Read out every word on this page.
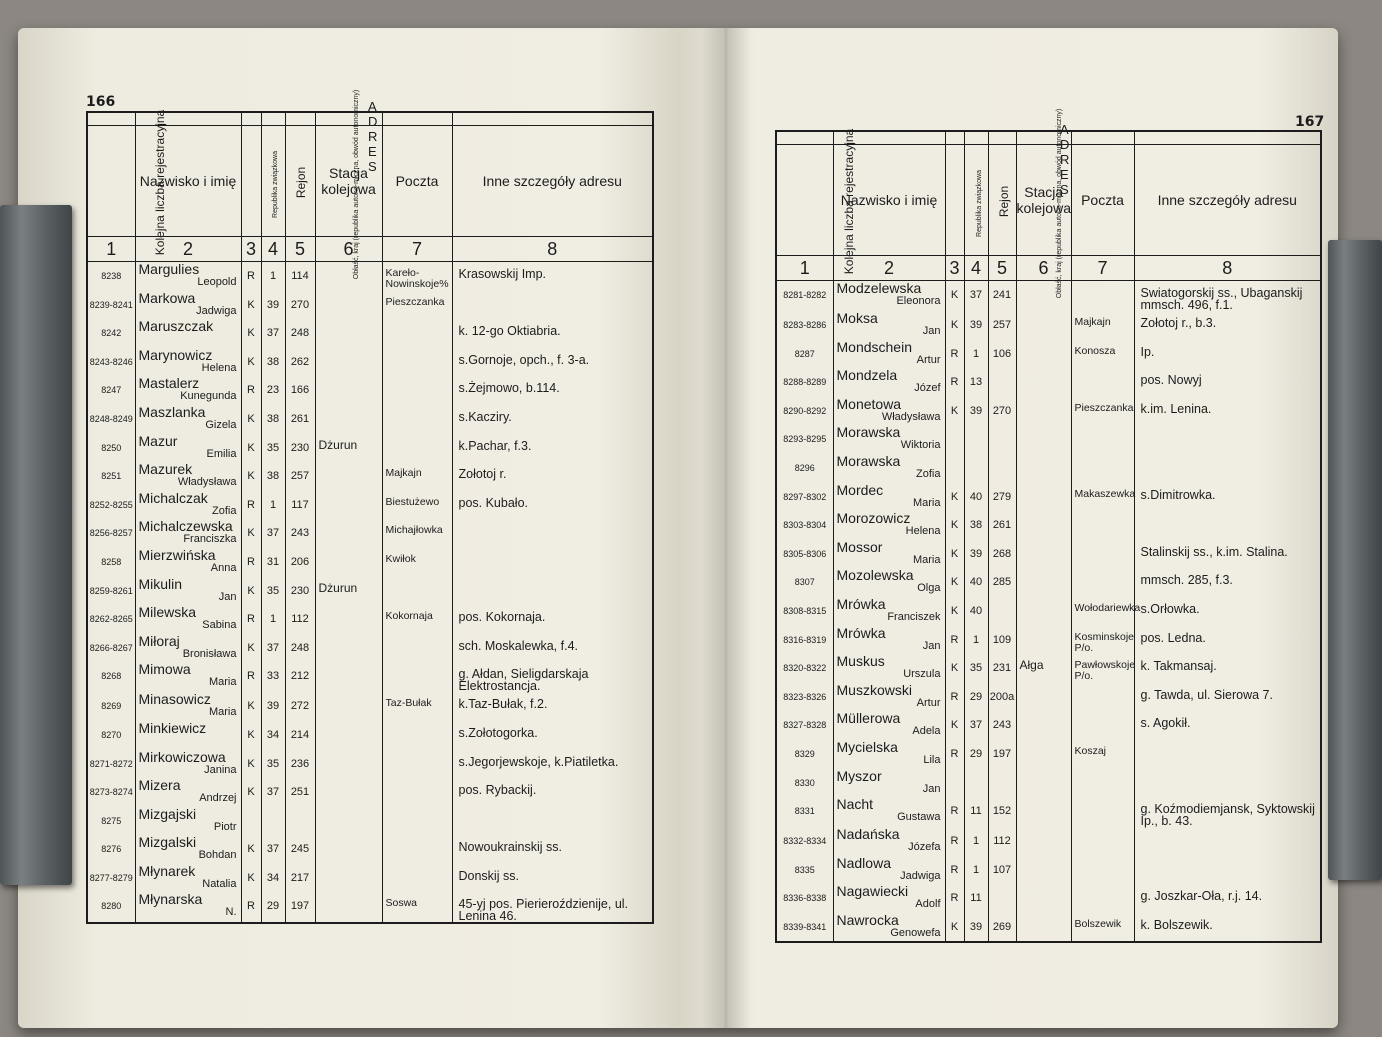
166	A D R E S

Kolejna liczba rejestracyjna	Nazwisko i imię	Republika związkowa	Obłaść, kraj (republika autono-miczna, obwód autonomiczny)	Rejon	Stacja kolejowa	Poczta	Inne szczegóły adresu
1	2	3	4	5	6	7	8

8238	Margulies
Leopold	R	1	114		Kareło-Nowinskoje%	Krasowskij Imp.

8239-8241	Markowa
Jadwiga	K	39	270		Pieszczanka	

8242	Maruszczak	K	37	248			k. 12-go Oktiabria.

8243-8246	Marynowicz
Helena	K	38	262			s.Gornoje, opch., f. 3-a.

8247	Mastalerz
Kunegunda	R	23	166			s.Żejmowo, b.114.

8248-8249	Maszlanka
Gizela	K	38	261			s.Kacziry.

8250	Mazur
Emilia	K	35	230	Dżurun		k.Pachar, f.3.

8251	Mazurek
Władysława	K	38	257		Majkajn	Zołotoj r.

8252-8255	Michalczak
Zofia	R	1	117		Biestużewo	pos. Kubało.

8256-8257	Michalczewska
Franciszka	K	37	243		Michajłowka	

8258	Mierzwińska
Anna	R	31	206		Kwiłok	

8259-8261	Mikulin
Jan	K	35	230	Dżurun		

8262-8265	Milewska
Sabina	R	1	112		Kokornaja	pos. Kokornaja.

8266-8267	Miłoraj
Bronisława	K	37	248			sch. Moskalewka, f.4.

8268	Mimowa
Maria	R	33	212			g. Ałdan, Sieligdarskaja Elektrostancja.

8269	Minasowicz
Maria	K	39	272		Taz-Bułak	k.Taz-Bułak, f.2.

8270	Minkiewicz	K	34	214			s.Zołotogorka.

8271-8272	Mirkowiczowa
Janina	K	35	236			s.Jegorjewskoje, k.Piatiletka.

8273-8274	Mizera
Andrzej	K	37	251			pos. Rybackij.

8275	Mizgajski
Piotr						

8276	Mizgalski
Bohdan	K	37	245			Nowoukrainskij ss.

8277-8279	Młynarek
Natalia	K	34	217			Donskij ss.

8280	Młynarska
N.	R	29	197		Soswa	45-yj pos. Pierieroździenije, ul. Lenina 46.
167
A D R E S

Kolejna liczba rejestracyjna	Nazwisko i imię	Republika związkowa	Obłaść, kraj (republika autono-miczna, obwód autonomiczny)	Rejon	Stacja kolejowa	Poczta	Inne szczegóły adresu
1	2	3	4	5	6	7	8

8281-8282	Modzelewska
Eleonora	K	37	241			Swiatogorskij ss., Ubaganskij mmsch. 496, f.1.

8283-8286	Moksa
Jan	K	39	257		Majkajn	Zołotoj r., b.3.

8287	Mondschein
Artur	R	1	106		Konosza	Ip.

8288-8289	Mondzela
Józef	R	13				pos. Nowyj

8290-8292	Monetowa
Władysława	K	39	270		Pieszczanka	k.im. Lenina.

8293-8295	Morawska
Wiktoria						

8296	Morawska
Zofia						

8297-8302	Mordec
Maria	K	40	279		Makaszewka	s.Dimitrowka.

8303-8304	Morozowicz
Helena	K	38	261			

8305-8306	Mossor
Maria	K	39	268			Stalinskij ss., k.im. Stalina.

8307	Mozolewska
Olga	K	40	285			mmsch. 285, f.3.

8308-8315	Mrówka
Franciszek	K	40			Wołodariewka	s.Orłowka.

8316-8319	Mrówka
Jan	R	1	109		Kosminskoje P/o.	pos. Ledna.

8320-8322	Muskus
Urszula	K	35	231	Ałga	Pawłowskoje P/o.	k. Takmansaj.

8323-8326	Muszkowski
Artur	R	29	200a			g. Tawda, ul. Sierowa 7.

8327-8328	Müllerowa
Adela	K	37	243			s. Agokił.

8329	Mycielska
Lila	R	29	197		Koszaj	

8330	Myszor
Jan						

8331	Nacht
Gustawa	R	11	152			g. Koźmodiemjansk, Syktowskij Ip., b. 43.

8332-8334	Nadańska
Józefa	R	1	112			

8335	Nadlowa
Jadwiga	R	1	107			

8336-8338	Nagawiecki
Adolf	R	11				g. Joszkar-Oła, r.j. 14.

8339-8341	Nawrocka
Genowefa	K	39	269		Bolszewik	k. Bolszewik.
